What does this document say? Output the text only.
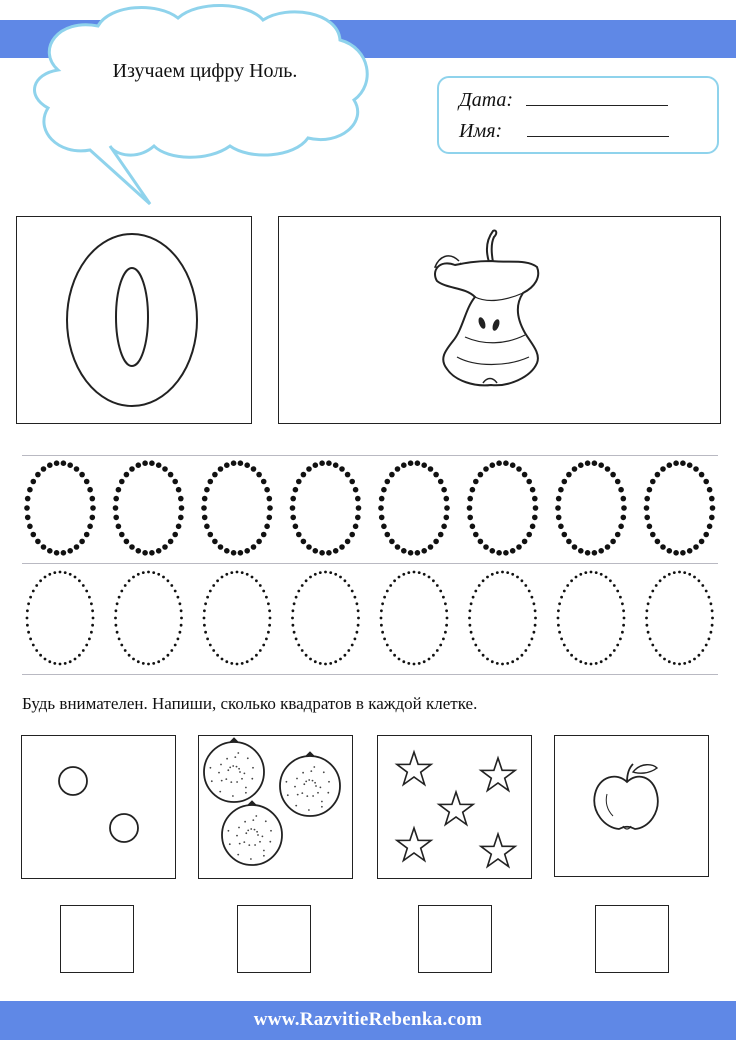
Изучаем цифру Ноль.
Дата:
Имя:
Будь внимателен. Напиши, сколько квадратов в каждой клетке.
www.RazvitieRebenka.com
